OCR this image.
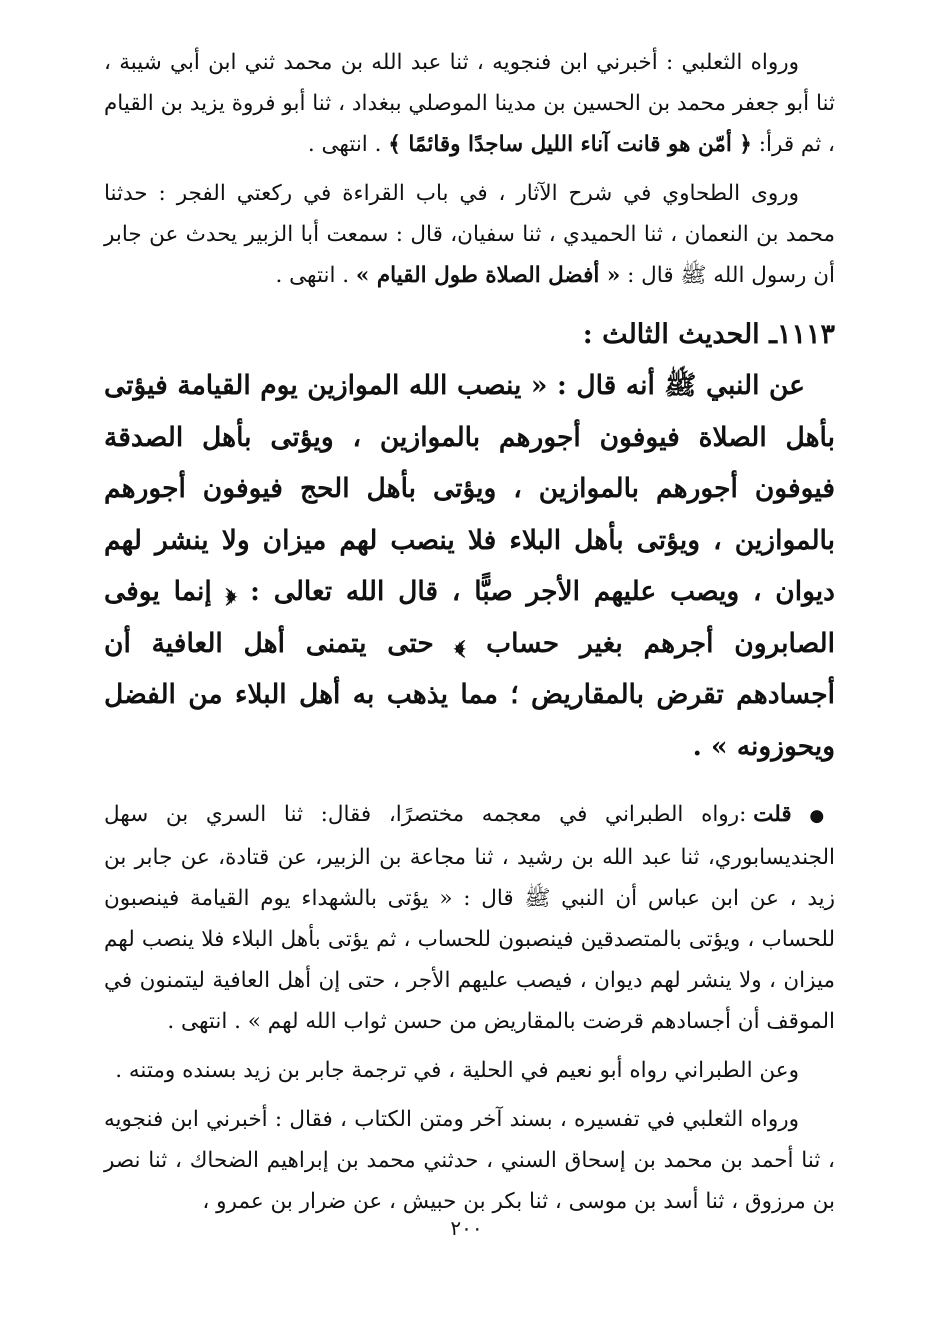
ورواه الثعلبي : أخبرني ابن فنجويه ، ثنا عبد الله بن محمد ثني ابن أبي شيبة ، ثنا أبو جعفر محمد بن الحسين بن مدينا الموصلي ببغداد ، ثنا أبو فروة يزيد بن القيام ، ثم قرأ: ﴿ أمّن هو قانت آناء الليل ساجدًا وقائمًا ﴾ . انتهى .

وروى الطحاوي في شرح الآثار ، في باب القراءة في ركعتي الفجر : حدثنا محمد بن النعمان ، ثنا الحميدي ، ثنا سفيان، قال : سمعت أبا الزبير يحدث عن جابر أن رسول الله ﷺ قال : « أفضل الصلاة طول القيام » . انتهى .

١١١٣ـ الحديث الثالث :

عن النبي ﷺ أنه قال : « ينصب الله الموازين يوم القيامة فيؤتى بأهل الصلاة فيوفون أجورهم بالموازين ، ويؤتى بأهل الصدقة فيوفون أجورهم بالموازين ، ويؤتى بأهل الحج فيوفون أجورهم بالموازين ، ويؤتى بأهل البلاء فلا ينصب لهم ميزان ولا ينشر لهم ديوان ، ويصب عليهم الأجر صبًّا ، قال الله تعالى : ﴿ إنما يوفى الصابرون أجرهم بغير حساب ﴾ حتى يتمنى أهل العافية أن أجسادهم تقرض بالمقاريض ؛ مما يذهب به أهل البلاء من الفضل ويحوزونه » .

● قلت :رواه الطبراني في معجمه مختصرًا، فقال: ثنا السري بن سهل الجنديسابوري، ثنا عبد الله بن رشيد ، ثنا مجاعة بن الزبير، عن قتادة، عن جابر بن زيد ، عن ابن عباس أن النبي ﷺ قال : « يؤتى بالشهداء يوم القيامة فينصبون للحساب ، ويؤتى بالمتصدقين فينصبون للحساب ، ثم يؤتى بأهل البلاء فلا ينصب لهم ميزان ، ولا ينشر لهم ديوان ، فيصب عليهم الأجر ، حتى إن أهل العافية ليتمنون في الموقف أن أجسادهم قرضت بالمقاريض من حسن ثواب الله لهم » . انتهى .

وعن الطبراني رواه أبو نعيم في الحلية ، في ترجمة جابر بن زيد بسنده ومتنه .

ورواه الثعلبي في تفسيره ، بسند آخر ومتن الكتاب ، فقال : أخبرني ابن فنجويه ، ثنا أحمد بن محمد بن إسحاق السني ، حدثني محمد بن إبراهيم الضحاك ، ثنا نصر بن مرزوق ، ثنا أسد بن موسى ، ثنا بكر بن حبيش ، عن ضرار بن عمرو ،

٢٠٠
